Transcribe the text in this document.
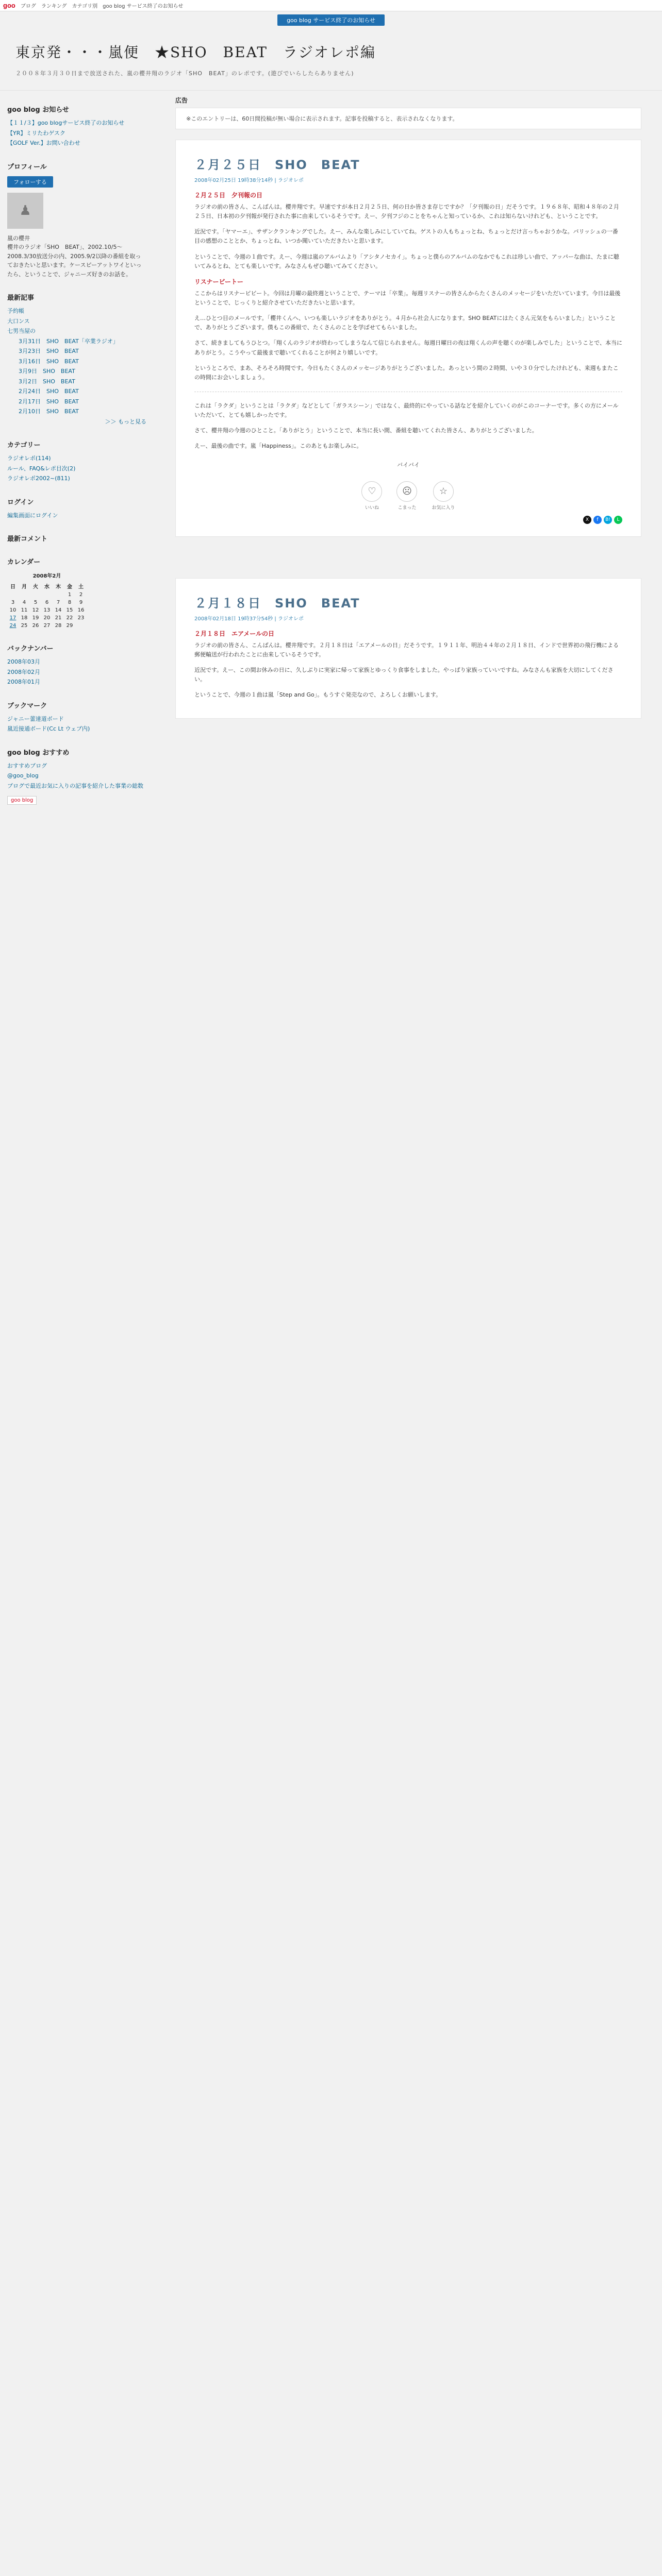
goo ブログ ランキング カテゴリ別 goo blog サービス終了のお知らせ
goo blog サービス終了のお知らせ
東京発・・・嵐便　★SHO　BEAT　ラジオレポ編
２００８年３月３０日まで放送された、嵐の櫻井翔のラジオ「SHO　BEAT」のレポです。(遊びでいらしたらありません)
goo blog お知らせ
【１１/３】goo blogサービス終了のお知らせ
【YR】ミリたわゲスク
【GOLF Ver.】お問い合わせ
プロフィール
フォローする
♟
嵐の櫻井
櫻井のラジオ「SHO　BEAT」、2002.10/5〜2008.3/30放送分の内、2005.9/2以降の番組を取っておきたいと思います。ケースピーアットワイといったら、ということで、ジャニーズ好きのお話を。
最新記事
予約帳
大口ンス
七男当屋の
3月31日　SHO　BEAT「卒業ラジオ」
3月23日　SHO　BEAT
3月16日　SHO　BEAT
3月9日　SHO　BEAT
3月2日　SHO　BEAT
2月24日　SHO　BEAT
2月17日　SHO　BEAT
2月10日　SHO　BEAT
＞＞ もっと見る
カテゴリー
ラジオレポ(114)
ルール、FAQ&レポ目次(2)
ラジオレポ2002~(811)
ログイン
編集画面にログイン
最新コメント
カレンダー
2008年2月
日	月	火	水	木	金	土
					1	2
3	4	5	6	7	8	9
10	11	12	13	14	15	16
17	18	19	20	21	22	23
24	25	26	27	28	29	
バックナンバー
2008年03月
2008年02月
2008年01月
ブックマーク
ジャニー蕾達道ボード
嵐近接通ボード(Cc Lt ウェブ内)
goo blog おすすめ
おすすめブログ
@goo_blog
ブログで最近お気に入りの記事を紹介した事業の総数
goo blog
広告
※このエントリーは、60日間投稿が無い場合に表示されます。記事を投稿すると、表示されなくなります。
２月２５日　SHO　BEAT
2008年02月25日 19時38分14秒 | ラジオレポ
２月２５日　夕刊報の日

ラジオの前の皆さん、こんばんは。櫻井翔です。早速ですが本日２月２５日、何の日か皆さま存じですか？「夕刊報の日」だそうです。１９６８年、昭和４８年の２月２５日、日本初の夕刊報が発行された事に由来しているそうです。えー、夕刊フジのことをちゃんと知っているか、これは知らないけれども、ということです。

近況です。「ヤマーエ」、サザンクランキングでした。えー、みんな楽しみにしていてね。ゲストの人もちょっとね、ちょっとだけ言っちゃおうかな。パリッシュの一番目の感想のこととか、ちょっとね、いつか聞いていただきたいと思います。

ということで、今週の１曲です。えー、今週は嵐のアルバムより「アシタノセカイ」。ちょっと僕らのアルバムのなかでもこれは珍しい曲で、アッパーな曲は、たまに聴いてみるとね、とても楽しいです。みなさんもぜひ聴いてみてください。

リスナービートー

ここからはリスナーピビート。今回は月曜の最終週ということで、テーマは「卒業」。毎週リスナーの皆さんからたくさんのメッセージをいただいています。今日は最後ということで、じっくりと紹介させていただきたいと思います。

え…ひとつ目のメールです。「櫻井くんへ、いつも楽しいラジオをありがとう。４月から社会人になります。SHO BEATにはたくさん元気をもらいました」ということで、ありがとうございます。僕もこの番組で、たくさんのことを学ばせてもらいました。

さて、続きましてもうひとつ。「翔くんのラジオが終わってしまうなんて信じられません。毎週日曜日の夜は翔くんの声を聴くのが楽しみでした」ということで、本当にありがとう。こうやって最後まで聴いてくれることが何より嬉しいです。

というところで、まあ、そろそろ時間です。今日もたくさんのメッセージありがとうございました。あっという間の２時間、いや３０分でしたけれども、来週もまたこの時間にお会いしましょう。

これは「ラクダ」ということは「ラクダ」などとして「ガラスシーン」ではなく、最終的にやっている話などを紹介していくのがこのコーナーです。多くの方にメールいただいて、とても嬉しかったです。

さて、櫻井翔の今週のひとこと。「ありがとう」ということで、本当に長い間、番組を聴いてくれた皆さん、ありがとうございました。

えー、最後の曲です。嵐「Happiness」。このあともお楽しみに。

バイバイ
♡
いいね
☹
こまった
☆
お気に入り
X	f	B!	L
２月１８日　SHO　BEAT
2008年02月18日 19時37分54秒 | ラジオレポ
２月１８日　エアメールの日

ラジオの前の皆さん、こんばんは。櫻井翔です。２月１８日は「エアメールの日」だそうです。１９１１年、明治４４年の２月１８日、インドで世界初の飛行機による郵便輸送が行われたことに由来しているそうです。

近況です。えー、この間お休みの日に、久しぶりに実家に帰って家族とゆっくり食事をしました。やっぱり家族っていいですね。みなさんも家族を大切にしてください。

ということで、今週の１曲は嵐「Step and Go」。もうすぐ発売なので、よろしくお願いします。
